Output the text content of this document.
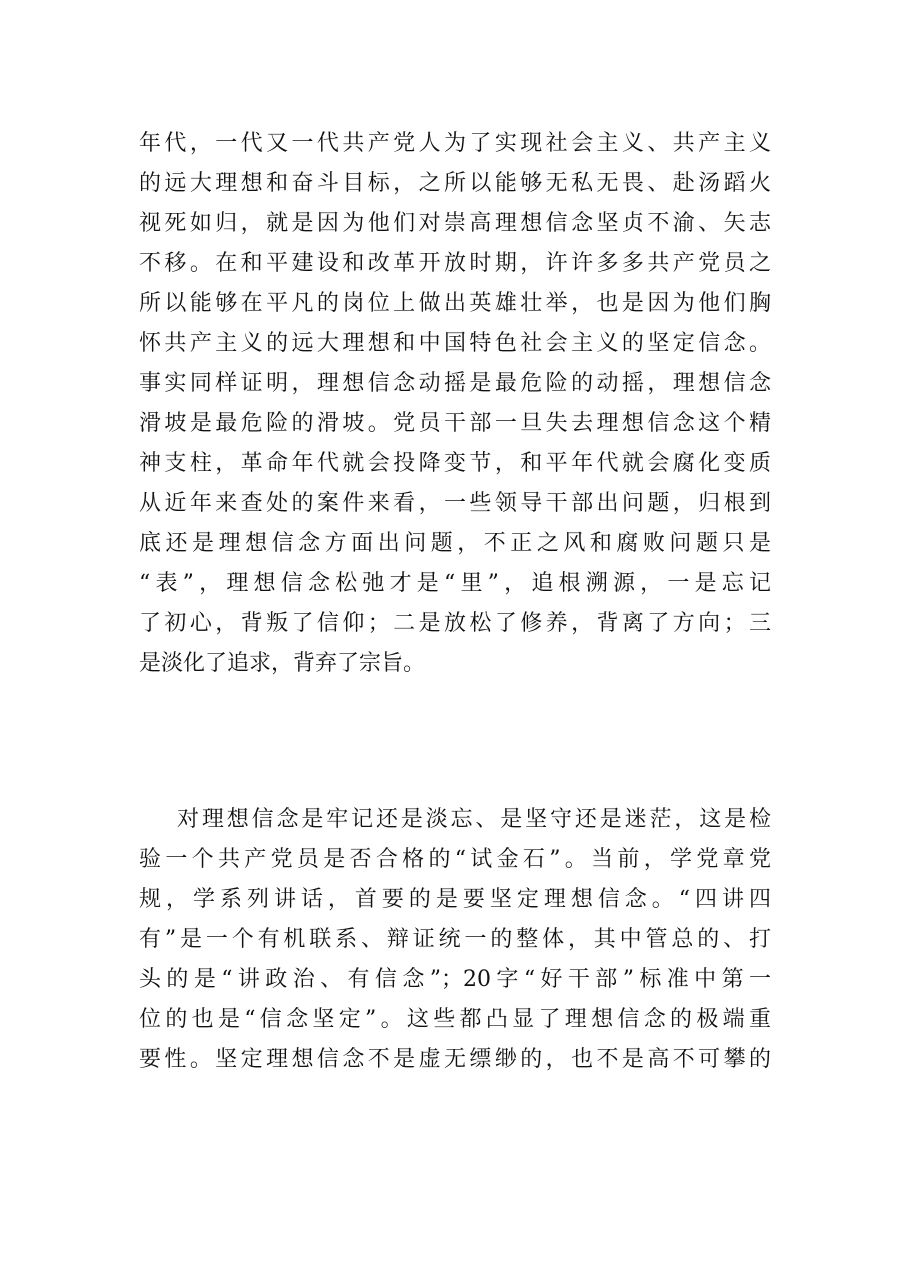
年代，一代又一代共产党人为了实现社会主义、共产主义
的远大理想和奋斗目标，之所以能够无私无畏、赴汤蹈火
视死如归，就是因为他们对崇高理想信念坚贞不渝、矢志
不移。在和平建设和改革开放时期，许许多多共产党员之
所以能够在平凡的岗位上做出英雄壮举，也是因为他们胸
怀共产主义的远大理想和中国特色社会主义的坚定信念。
事实同样证明，理想信念动摇是最危险的动摇，理想信念
滑坡是最危险的滑坡。党员干部一旦失去理想信念这个精
神支柱，革命年代就会投降变节，和平年代就会腐化变质
从近年来查处的案件来看，一些领导干部出问题，归根到
底还是理想信念方面出问题，不正之风和腐败问题只是
“表”，理想信念松弛才是“里”，追根溯源，一是忘记
了初心，背叛了信仰；二是放松了修养，背离了方向；三
是淡化了追求，背弃了宗旨。
对理想信念是牢记还是淡忘、是坚守还是迷茫，这是检
验一个共产党员是否合格的“试金石”。当前，学党章党
规，学系列讲话，首要的是要坚定理想信念。“四讲四
有”是一个有机联系、辩证统一的整体，其中管总的、打
头的是“讲政治、有信念”；20字“好干部”标准中第一
位的也是“信念坚定”。这些都凸显了理想信念的极端重
要性。坚定理想信念不是虚无缥缈的，也不是高不可攀的
